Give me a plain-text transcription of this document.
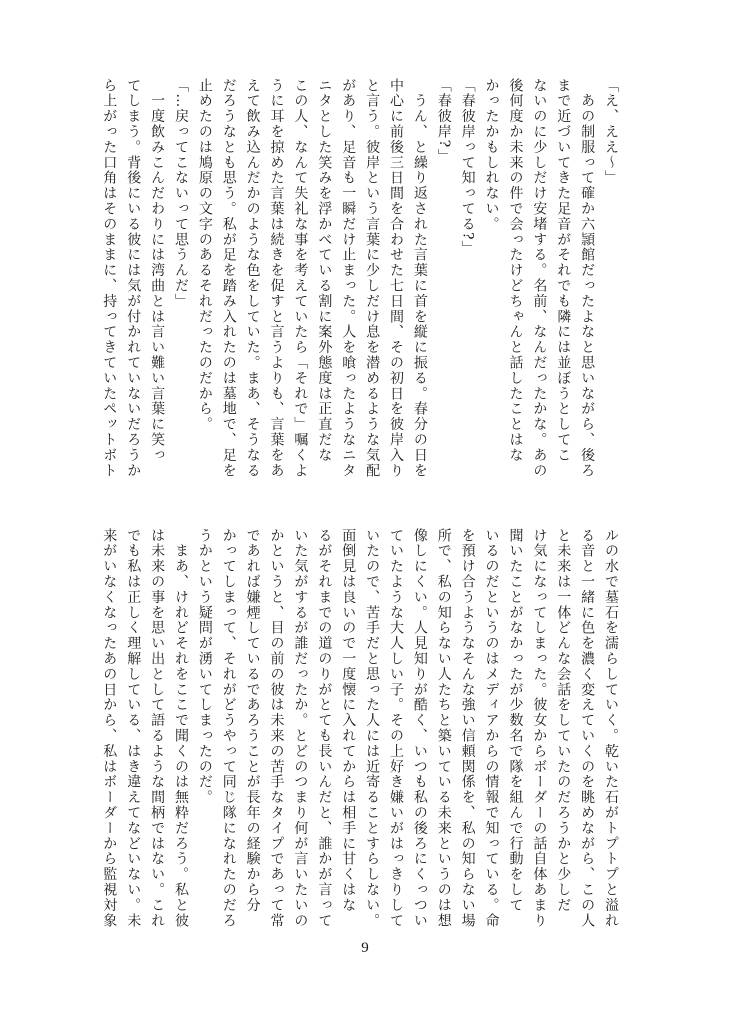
「え、ええ〜」
　あの制服って確か六頴館だったよなと思いながら、後ろ
まで近づいてきた足音がそれでも隣には並ぼうとしてこ
ないのに少しだけ安堵する。名前、なんだったかな。あの
後何度か未来の件で会ったけどちゃんと話したことはな
かったかもしれない。
「春彼岸って知ってる?」
「春彼岸?」
　うん、と繰り返された言葉に首を縦に振る。春分の日を
中心に前後三日間を合わせた七日間、その初日を彼岸入り
と言う。彼岸という言葉に少しだけ息を潜めるような気配
があり、足音も一瞬だけ止まった。人を喰ったようなニタ
ニタとした笑みを浮かべている割に案外態度は正直だな
この人、なんて失礼な事を考えていたら「それで」嘱くよ
うに耳を掠めた言葉は続きを促すと言うよりも、言葉をあ
えて飲み込んだかのような色をしていた。まあ、そうなる
だろうなとも思う。私が足を踏み入れたのは墓地で、足を
止めたのは鳩原の文字のあるそれだったのだから。
「…戻ってこないって思うんだ」
　一度飲みこんだわりには湾曲とは言い難い言葉に笑っ
てしまう。背後にいる彼には気が付かれていないだろうか
ら上がった口角はそのままに、持ってきていたペットボト
ルの水で墓石を濡らしていく。乾いた石がトプトプと溢れ
る音と一緒に色を濃く変えていくのを眺めながら、この人
と未来は一体どんな会話をしていたのだろうかと少しだ
け気になってしまった。彼女からボーダーの話自体あまり
聞いたことがなかったが少数名で隊を組んで行動をして
いるのだというのはメディアからの情報で知っている。命
を預け合うようなそんな強い信頼関係を、私の知らない場
所で、私の知らない人たちと築いている未来というのは想
像しにくい。人見知りが酷く、いつも私の後ろにくっつい
ていたような大人しい子。その上好き嫌いがはっきりして
いたので、苦手だと思った人には近寄ることすらしない。
面倒見は良いので一度懐に入れてからは相手に甘くはな
るがそれまでの道のりがとても長いんだと、誰かが言って
いた気がするが誰だったか。とどのつまり何が言いたいの
かというと、目の前の彼は未来の苦手なタイプであって常
であれば嫌煙しているであろうことが長年の経験から分
かってしまって、それがどうやって同じ隊になれたのだろ
うかという疑問が湧いてしまったのだ。
　まあ、けれどそれをここで聞くのは無粋だろう。私と彼
は未来の事を思い出として語るような間柄ではない。これ
でも私は正しく理解している、はき違えてなどいない。未
来がいなくなったあの日から、私はボーダーから監視対象
9
